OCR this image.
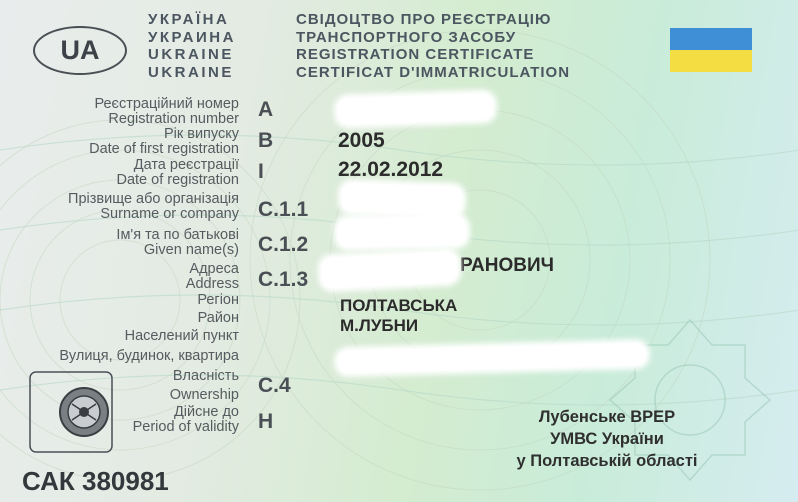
UA
УКРАЇНА
УКРАИНА
UKRAINE
UKRAINE
СВІДОЦТВО ПРО РЕЄСТРАЦІЮ
ТРАНСПОРТНОГО ЗАСОБУ
REGISTRATION CERTIFICATE
CERTIFICAT D'IMMATRICULATION
Реєстраційний номер
Registration number
Рік випуску
Date of first registration
Дата реєстрації
Date of registration
Прізвище або організація
Surname or company
Ім'я та по батькові
Given name(s)
Адреса
Address
Регіон
Район
Населений пункт
Вулиця, будинок, квартира
Власність
Ownership
Дійсне до
Period of validity
A
B
I
C.1.1
C.1.2
C.1.3
C.4
H
2005
22.02.2012
РАНОВИЧ
ПОЛТАВСЬКА
М.ЛУБНИ
Лубенське ВРЕР
УМВС України
у Полтавській області
САК 380981
